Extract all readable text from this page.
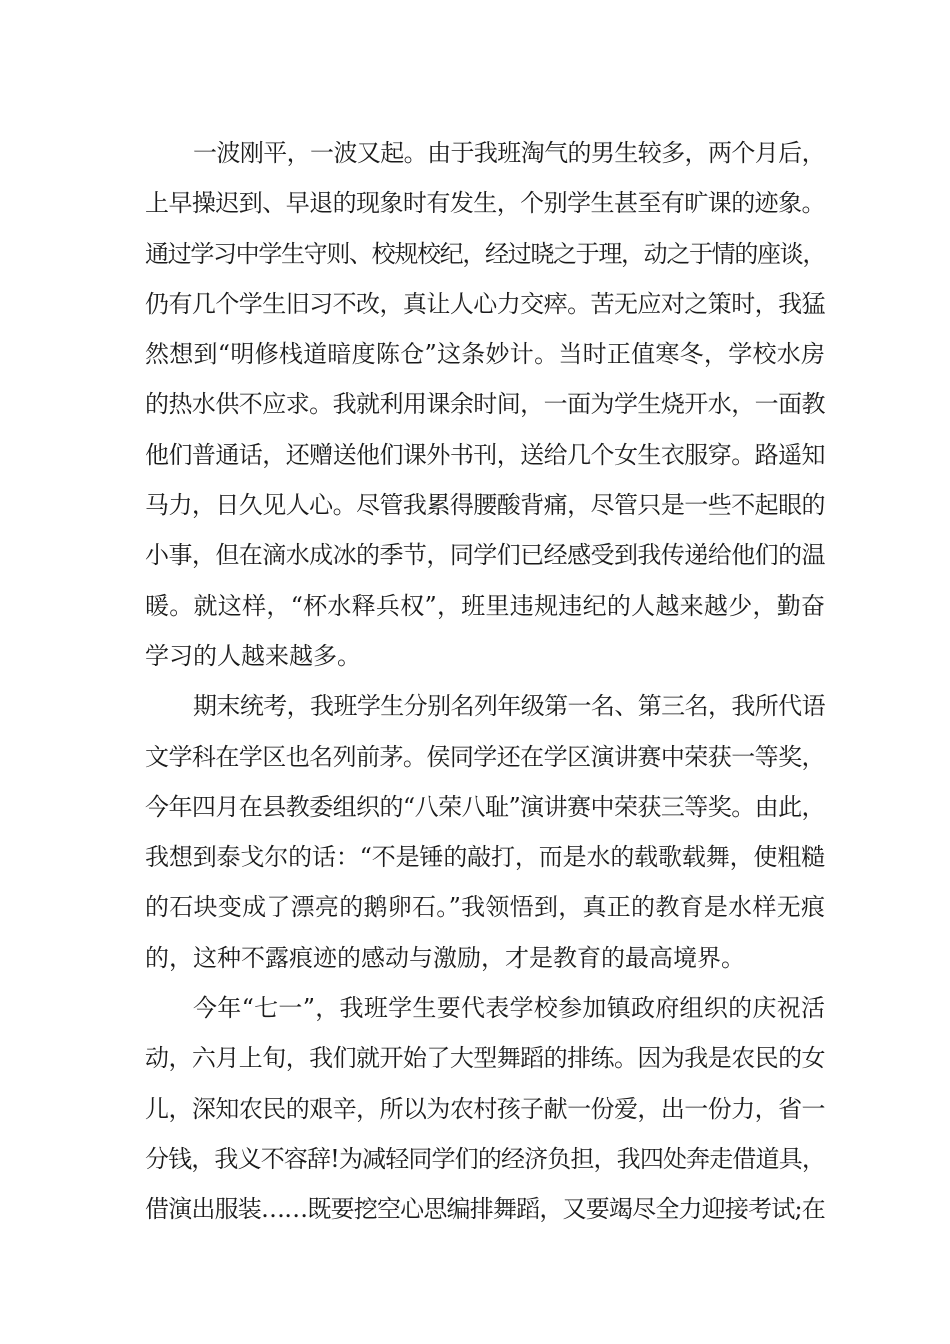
一波刚平，一波又起。由于我班淘气的男生较多，两个月后，
上早操迟到、早退的现象时有发生，个别学生甚至有旷课的迹象。
通过学习中学生守则、校规校纪，经过晓之于理，动之于情的座谈，
仍有几个学生旧习不改，真让人心力交瘁。苦无应对之策时，我猛
然想到“明修栈道暗度陈仓”这条妙计。当时正值寒冬，学校水房
的热水供不应求。我就利用课余时间，一面为学生烧开水，一面教
他们普通话，还赠送他们课外书刊，送给几个女生衣服穿。路遥知
马力，日久见人心。尽管我累得腰酸背痛，尽管只是一些不起眼的
小事，但在滴水成冰的季节，同学们已经感受到我传递给他们的温
暖。就这样，“杯水释兵权”，班里违规违纪的人越来越少，勤奋
学习的人越来越多。
期末统考，我班学生分别名列年级第一名、第三名，我所代语
文学科在学区也名列前茅。侯同学还在学区演讲赛中荣获一等奖，
今年四月在县教委组织的“八荣八耻”演讲赛中荣获三等奖。由此，
我想到泰戈尔的话：“不是锤的敲打，而是水的载歌载舞，使粗糙
的石块变成了漂亮的鹅卵石。”我领悟到，真正的教育是水样无痕
的，这种不露痕迹的感动与激励，才是教育的最高境界。
今年“七一”，我班学生要代表学校参加镇政府组织的庆祝活
动，六月上旬，我们就开始了大型舞蹈的排练。因为我是农民的女
儿，深知农民的艰辛，所以为农村孩子献一份爱，出一份力，省一
分钱，我义不容辞!为减轻同学们的经济负担，我四处奔走借道具，
借演出服装……既要挖空心思编排舞蹈，又要竭尽全力迎接考试;在
